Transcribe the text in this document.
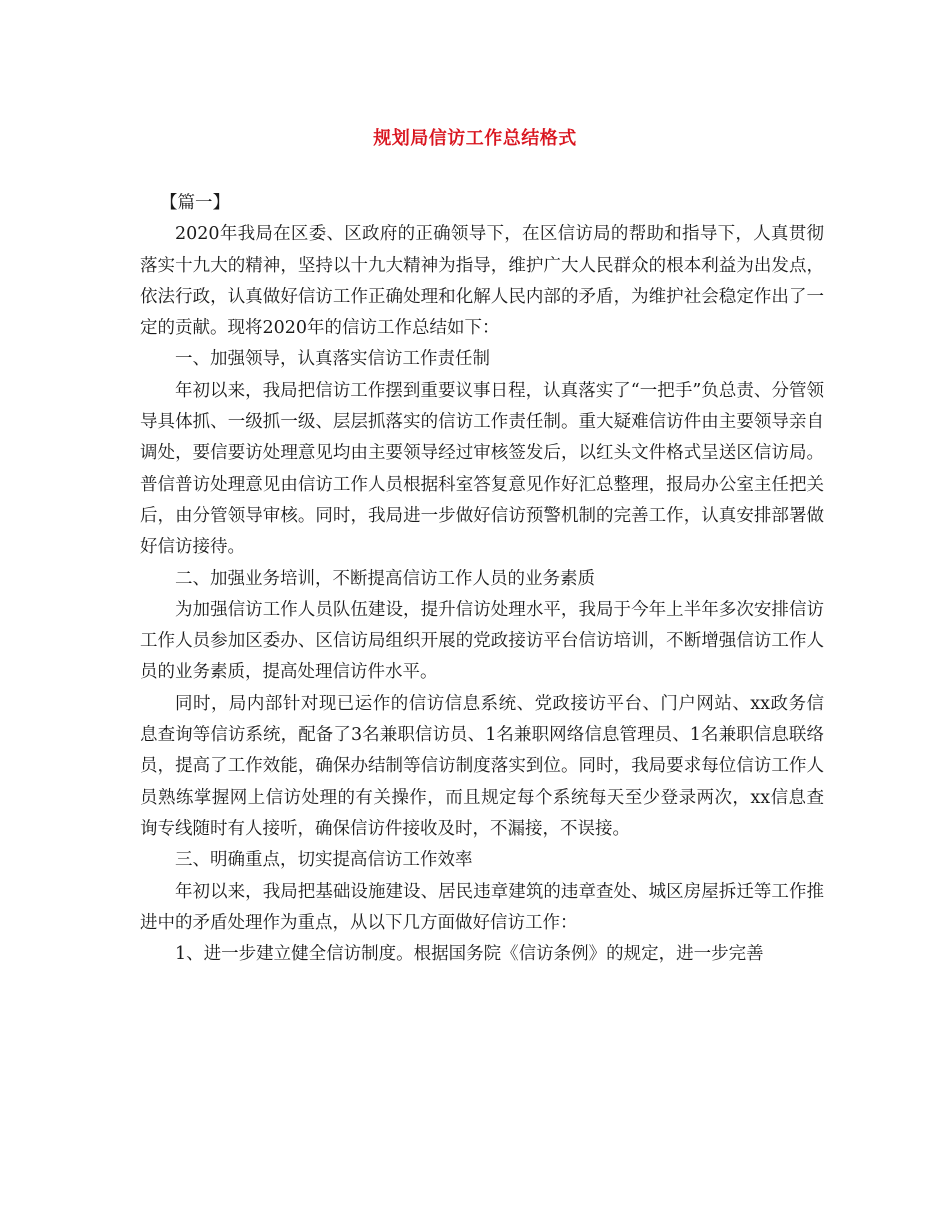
规划局信访工作总结格式

【篇一】

2020年我局在区委、区政府的正确领导下，在区信访局的帮助和指导下，人真贯彻落实十九大的精神，坚持以十九大精神为指导，维护广大人民群众的根本利益为出发点，依法行政，认真做好信访工作正确处理和化解人民内部的矛盾，为维护社会稳定作出了一定的贡献。现将2020年的信访工作总结如下：

一、加强领导，认真落实信访工作责任制

年初以来，我局把信访工作摆到重要议事日程，认真落实了“一把手”负总责、分管领导具体抓、一级抓一级、层层抓落实的信访工作责任制。重大疑难信访件由主要领导亲自调处，要信要访处理意见均由主要领导经过审核签发后，以红头文件格式呈送区信访局。普信普访处理意见由信访工作人员根据科室答复意见作好汇总整理，报局办公室主任把关后，由分管领导审核。同时，我局进一步做好信访预警机制的完善工作，认真安排部署做好信访接待。

二、加强业务培训，不断提高信访工作人员的业务素质

为加强信访工作人员队伍建设，提升信访处理水平，我局于今年上半年多次安排信访工作人员参加区委办、区信访局组织开展的党政接访平台信访培训，不断增强信访工作人员的业务素质，提高处理信访件水平。

同时，局内部针对现已运作的信访信息系统、党政接访平台、门户网站、xx政务信息查询等信访系统，配备了3名兼职信访员、1名兼职网络信息管理员、1名兼职信息联络员，提高了工作效能，确保办结制等信访制度落实到位。同时，我局要求每位信访工作人员熟练掌握网上信访处理的有关操作，而且规定每个系统每天至少登录两次，xx信息查询专线随时有人接听，确保信访件接收及时，不漏接，不误接。

三、明确重点，切实提高信访工作效率

年初以来，我局把基础设施建设、居民违章建筑的违章查处、城区房屋拆迁等工作推进中的矛盾处理作为重点，从以下几方面做好信访工作：

1、进一步建立健全信访制度。根据国务院《信访条例》的规定，进一步完善
